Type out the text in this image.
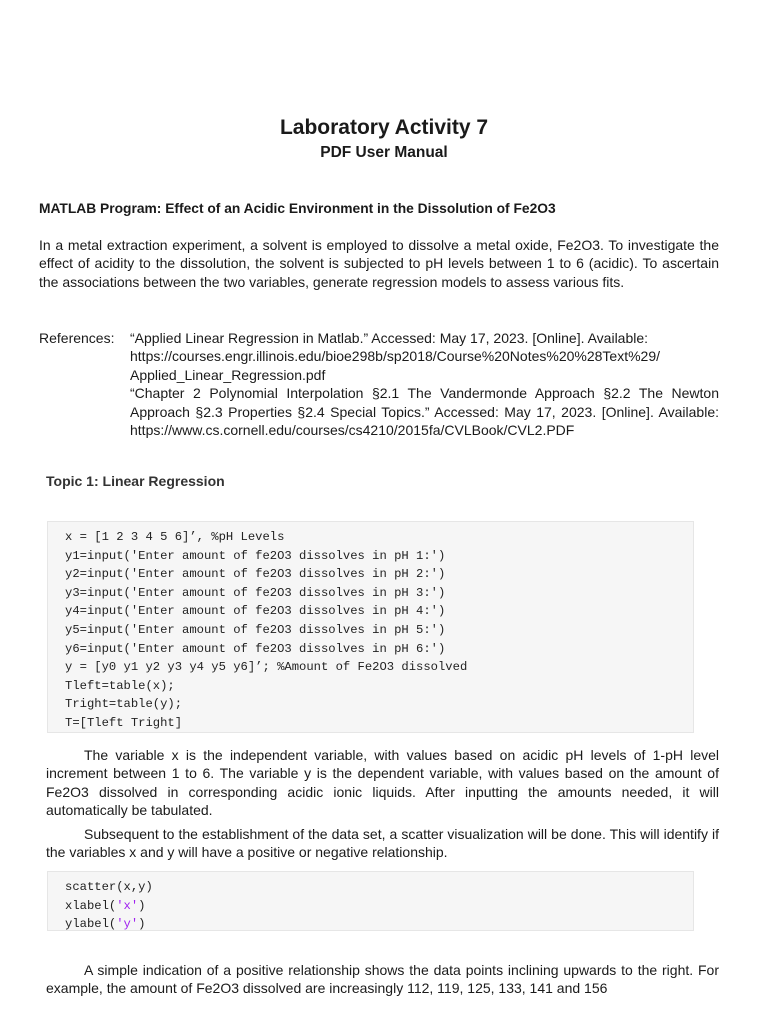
Laboratory Activity 7
PDF User Manual
MATLAB Program: Effect of an Acidic Environment in the Dissolution of Fe2O3
In a metal extraction experiment, a solvent is employed to dissolve a metal oxide, Fe2O3. To investigate the effect of acidity to the dissolution, the solvent is subjected to pH levels between 1 to 6 (acidic). To ascertain the associations between the two variables, generate regression models to assess various fits.
References: “Applied Linear Regression in Matlab.” Accessed: May 17, 2023. [Online]. Available:
https://courses.engr.illinois.edu/bioe298b/sp2018/Course%20Notes%20%28Text%29/
Applied_Linear_Regression.pdf
“Chapter 2 Polynomial Interpolation §2.1 The Vandermonde Approach §2.2 The Newton Approach §2.3 Properties §2.4 Special Topics.” Accessed: May 17, 2023. [Online]. Available: https://www.cs.cornell.edu/courses/cs4210/2015fa/CVLBook/CVL2.PDF
Topic 1: Linear Regression
x = [1 2 3 4 5 6]’, %pH Levels
y1=input('Enter amount of fe2O3 dissolves in pH 1:')
y2=input('Enter amount of fe2O3 dissolves in pH 2:')
y3=input('Enter amount of fe2O3 dissolves in pH 3:')
y4=input('Enter amount of fe2O3 dissolves in pH 4:')
y5=input('Enter amount of fe2O3 dissolves in pH 5:')
y6=input('Enter amount of fe2O3 dissolves in pH 6:')
y = [y0 y1 y2 y3 y4 y5 y6]’; %Amount of Fe2O3 dissolved
Tleft=table(x);
Tright=table(y);
T=[Tleft Tright]
The variable x is the independent variable, with values based on acidic pH levels of 1-pH level increment between 1 to 6. The variable y is the dependent variable, with values based on the amount of Fe2O3 dissolved in corresponding acidic ionic liquids. After inputting the amounts needed, it will automatically be tabulated.
Subsequent to the establishment of the data set, a scatter visualization will be done. This will identify if the variables x and y will have a positive or negative relationship.
scatter(x,y)
xlabel('x')
ylabel('y')
A simple indication of a positive relationship shows the data points inclining upwards to the right. For example, the amount of Fe2O3 dissolved are increasingly 112, 119, 125, 133, 141 and 156
